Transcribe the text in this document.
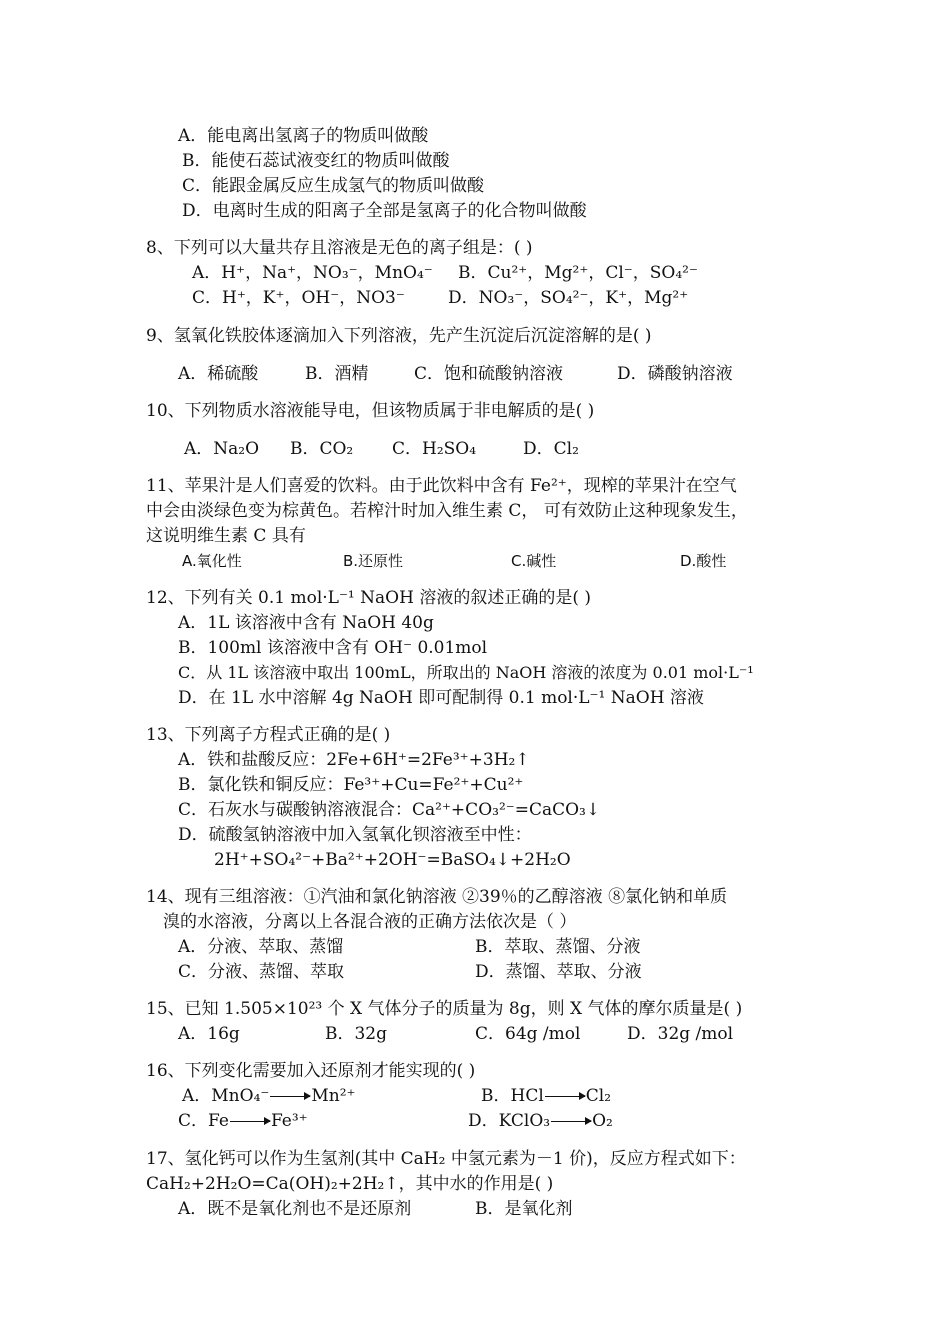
A．能电离出氢离子的物质叫做酸
B．能使石蕊试液变红的物质叫做酸
C．能跟金属反应生成氢气的物质叫做酸
D．电离时生成的阳离子全部是氢离子的化合物叫做酸
8、下列可以大量共存且溶液是无色的离子组是：( )
A．H⁺，Na⁺，NO₃⁻，MnO₄⁻ B．Cu²⁺，Mg²⁺，Cl⁻，SO₄²⁻
C．H⁺，K⁺，OH⁻，NO3⁻	D．NO₃⁻，SO₄²⁻，K⁺，Mg²⁺
9、氢氧化铁胶体逐滴加入下列溶液，先产生沉淀后沉淀溶解的是( )
A．稀硫酸	B．酒精	C．饱和硫酸钠溶液	D．磷酸钠溶液
10、下列物质水溶液能导电，但该物质属于非电解质的是( )
A．Na₂O B．CO₂ C．H₂SO₄	D．Cl₂
11、苹果汁是人们喜爱的饮料。由于此饮料中含有 Fe²⁺，现榨的苹果汁在空气
中会由淡绿色变为棕黄色。若榨汁时加入维生素 C， 可有效防止这种现象发生，
这说明维生素 C 具有
A.氧化性	B.还原性	C.碱性	D.酸性
12、下列有关 0.1 mol·L⁻¹ NaOH 溶液的叙述正确的是( )
A．1L 该溶液中含有 NaOH 40g
B．100ml 该溶液中含有 OH⁻ 0.01mol
C．从 1L 该溶液中取出 100mL，所取出的 NaOH 溶液的浓度为 0.01 mol·L⁻¹
D．在 1L 水中溶解 4g NaOH 即可配制得 0.1 mol·L⁻¹ NaOH 溶液
13、下列离子方程式正确的是( )
A．铁和盐酸反应：2Fe+6H⁺=2Fe³⁺+3H₂↑
B．氯化铁和铜反应：Fe³⁺+Cu=Fe²⁺+Cu²⁺
C．石灰水与碳酸钠溶液混合：Ca²⁺+CO₃²⁻=CaCO₃↓
D．硫酸氢钠溶液中加入氢氧化钡溶液至中性：
2H⁺+SO₄²⁻+Ba²⁺+2OH⁻=BaSO₄↓+2H₂O
14、现有三组溶液：①汽油和氯化钠溶液 ②39％的乙醇溶液 ⑧氯化钠和单质
溴的水溶液，分离以上各混合液的正确方法依次是（ ）
A．分液、萃取、蒸馏	B．萃取、蒸馏、分液
C．分液、蒸馏、萃取	D．蒸馏、萃取、分液
15、已知 1.505×10²³ 个 X 气体分子的质量为 8g，则 X 气体的摩尔质量是( )
A．16g	B．32g	C．64g /mol	D．32g /mol
16、下列变化需要加入还原剂才能实现的( )
A．MnO₄⁻→Mn²⁺	B．HCl→Cl₂
C．Fe→Fe³⁺	D．KClO₃→O₂
17、氢化钙可以作为生氢剂(其中 CaH₂ 中氢元素为－1 价)，反应方程式如下：
CaH₂+2H₂O=Ca(OH)₂+2H₂↑，其中水的作用是( )
A．既不是氧化剂也不是还原剂	B．是氧化剂
